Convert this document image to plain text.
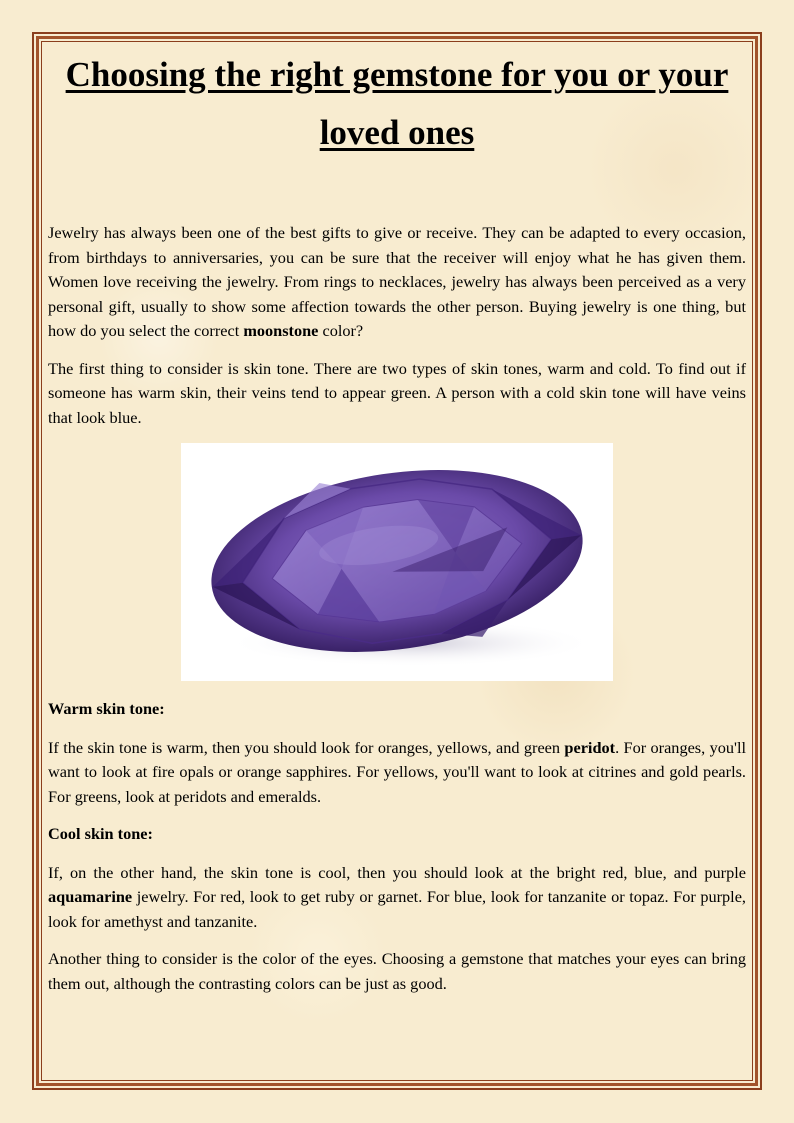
Choosing the right gemstone for you or your loved ones

Jewelry has always been one of the best gifts to give or receive. They can be adapted to every occasion, from birthdays to anniversaries, you can be sure that the receiver will enjoy what he has given them. Women love receiving the jewelry. From rings to necklaces, jewelry has always been perceived as a very personal gift, usually to show some affection towards the other person. Buying jewelry is one thing, but how do you select the correct moonstone color?

The first thing to consider is skin tone. There are two types of skin tones, warm and cold. To find out if someone has warm skin, their veins tend to appear green. A person with a cold skin tone will have veins that look blue.

Warm skin tone:

If the skin tone is warm, then you should look for oranges, yellows, and green peridot. For oranges, you'll want to look at fire opals or orange sapphires. For yellows, you'll want to look at citrines and gold pearls. For greens, look at peridots and emeralds.

Cool skin tone:

If, on the other hand, the skin tone is cool, then you should look at the bright red, blue, and purple aquamarine jewelry. For red, look to get ruby or garnet. For blue, look for tanzanite or topaz. For purple, look for amethyst and tanzanite.

Another thing to consider is the color of the eyes. Choosing a gemstone that matches your eyes can bring them out, although the contrasting colors can be just as good.
